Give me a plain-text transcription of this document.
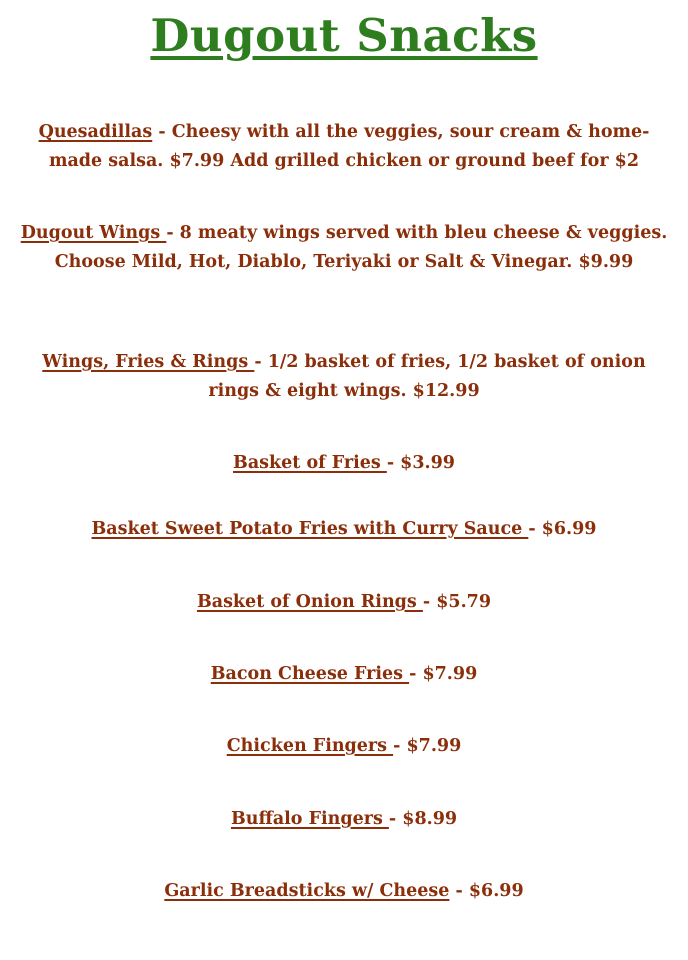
Dugout Snacks

Quesadillas - Cheesy with all the veggies, sour cream & home-made salsa. $7.99 Add grilled chicken or ground beef for $2

Dugout Wings - 8 meaty wings served with bleu cheese & veggies. Choose Mild, Hot, Diablo, Teriyaki or Salt & Vinegar. $9.99

Wings, Fries & Rings - 1/2 basket of fries, 1/2 basket of onion rings & eight wings. $12.99

Basket of Fries - $3.99

Basket Sweet Potato Fries with Curry Sauce - $6.99

Basket of Onion Rings - $5.79

Bacon Cheese Fries - $7.99

Chicken Fingers - $7.99

Buffalo Fingers - $8.99

Garlic Breadsticks w/ Cheese - $6.99
